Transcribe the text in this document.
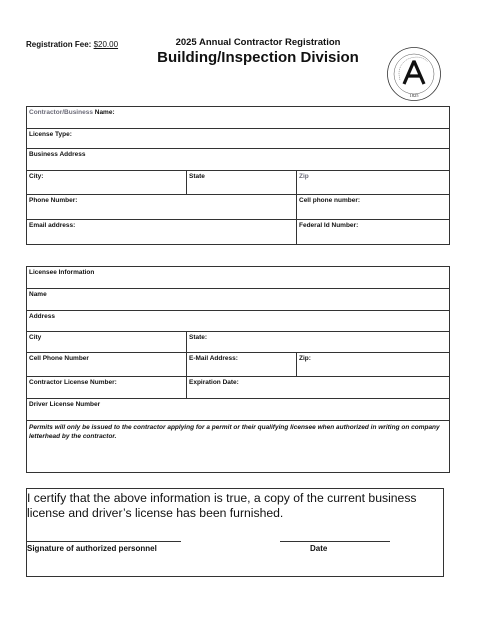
Registration Fee: $20.00	2025 Annual Contractor Registration
Building/Inspection Division
1825
Contractor/Business Name:		
License Type:		
Business Address		
City:	State	Zip
Phone Number:		Cell phone number:
Email address:		Federal Id Number:
Licensee Information		
Name		
Address		
City	State:	
Cell Phone Number	E-Mail Address:	Zip:
Contractor License Number:	Expiration Date:	
Driver License Number		
Permits will only be issued to the contractor applying for a permit or their qualifying licensee when authorized in writing on company letterhead by the contractor.		
I certify that the above information is true, a copy of the current business license and driver’s license has been furnished.
Signature of authorized personnel	Date
